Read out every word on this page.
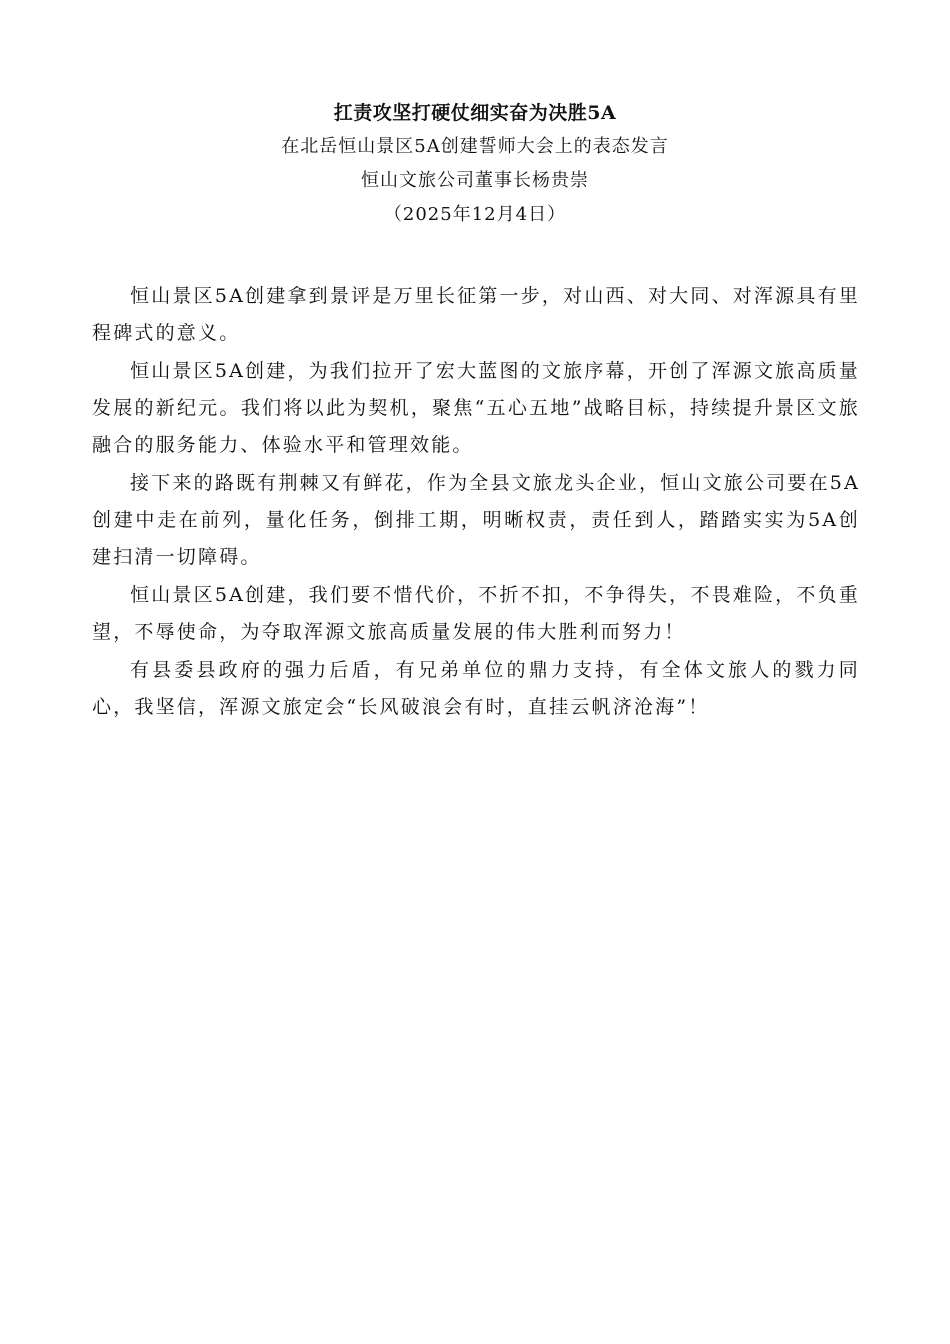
扛责攻坚打硬仗细实奋为决胜5A

在北岳恒山景区5A创建誓师大会上的表态发言

恒山文旅公司董事长杨贵崇

（2025年12月4日）

恒山景区5A创建拿到景评是万里长征第一步，对山西、对大同、对浑源具有里程碑式的意义。

恒山景区5A创建，为我们拉开了宏大蓝图的文旅序幕，开创了浑源文旅高质量发展的新纪元。我们将以此为契机，聚焦“五心五地”战略目标，持续提升景区文旅融合的服务能力、体验水平和管理效能。

接下来的路既有荆棘又有鲜花，作为全县文旅龙头企业，恒山文旅公司要在5A创建中走在前列，量化任务，倒排工期，明晰权责，责任到人，踏踏实实为5A创建扫清一切障碍。

恒山景区5A创建，我们要不惜代价，不折不扣，不争得失，不畏难险，不负重望，不辱使命，为夺取浑源文旅高质量发展的伟大胜利而努力！

有县委县政府的强力后盾，有兄弟单位的鼎力支持，有全体文旅人的戮力同心，我坚信，浑源文旅定会“长风破浪会有时，直挂云帆济沧海”！
